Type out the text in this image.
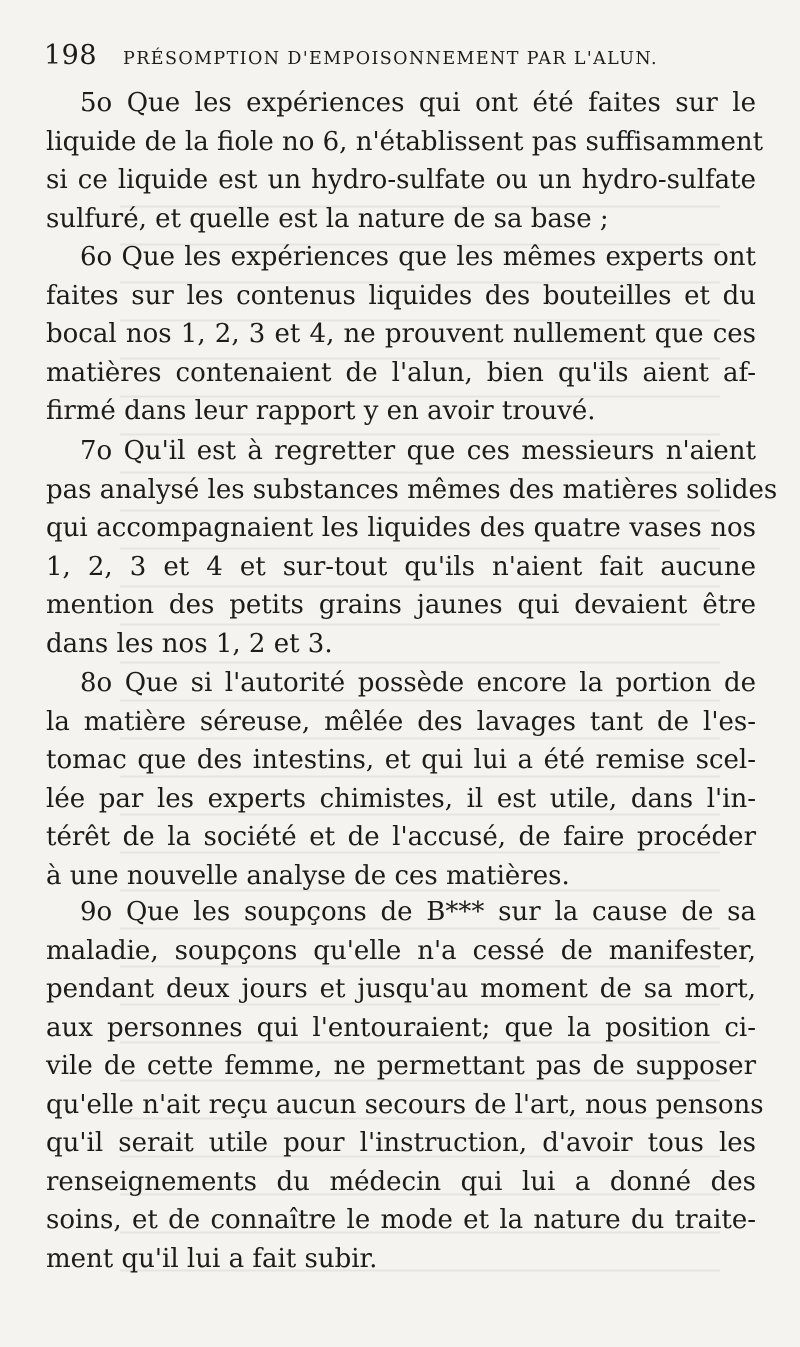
198 PRÉSOMPTION D'EMPOISONNEMENT PAR L'ALUN.
5o Que les expériences qui ont été faites sur le
liquide de la fiole no 6, n'établissent pas suffisamment
si ce liquide est un hydro-sulfate ou un hydro-sulfate
sulfuré, et quelle est la nature de sa base ;
6o Que les expériences que les mêmes experts ont
faites sur les contenus liquides des bouteilles et du
bocal nos 1, 2, 3 et 4, ne prouvent nullement que ces
matières contenaient de l'alun, bien qu'ils aient af-
firmé dans leur rapport y en avoir trouvé.
7o Qu'il est à regretter que ces messieurs n'aient
pas analysé les substances mêmes des matières solides
qui accompagnaient les liquides des quatre vases nos
1, 2, 3 et 4 et sur-tout qu'ils n'aient fait aucune
mention des petits grains jaunes qui devaient être
dans les nos 1, 2 et 3.
8o Que si l'autorité possède encore la portion de
la matière séreuse, mêlée des lavages tant de l'es-
tomac que des intestins, et qui lui a été remise scel-
lée par les experts chimistes, il est utile, dans l'in-
térêt de la société et de l'accusé, de faire procéder
à une nouvelle analyse de ces matières.
9o Que les soupçons de B*** sur la cause de sa
maladie, soupçons qu'elle n'a cessé de manifester,
pendant deux jours et jusqu'au moment de sa mort,
aux personnes qui l'entouraient; que la position ci-
vile de cette femme, ne permettant pas de supposer
qu'elle n'ait reçu aucun secours de l'art, nous pensons
qu'il serait utile pour l'instruction, d'avoir tous les
renseignements du médecin qui lui a donné des
soins, et de connaître le mode et la nature du traite-
ment qu'il lui a fait subir.
